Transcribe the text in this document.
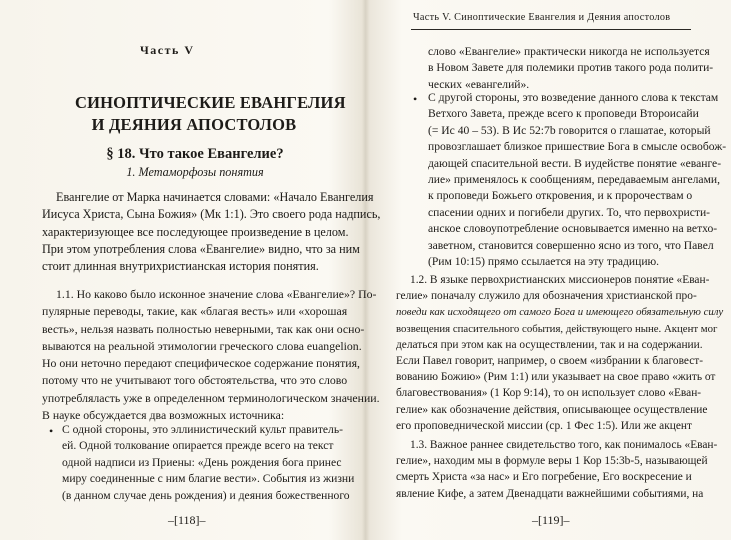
Часть V
СИНОПТИЧЕСКИЕ ЕВАНГЕЛИЯ
И ДЕЯНИЯ АПОСТОЛОВ
§ 18. Что такое Евангелие?
1. Метаморфозы понятия
Евангелие от Марка начинается словами: «Начало Евангелия
Иисуса Христа, Сына Божия» (Мк 1:1). Это своего рода надпись,
характеризующее все последующее произведение в целом.
При этом употребления слова «Евангелие» видно, что за ним
стоит длинная внутрихристианская история понятия.
1.1. Но каково было исконное значение слова «Евангелие»? По-
пулярные переводы, такие, как «благая весть» или «хорошая
весть», нельзя назвать полностью неверными, так как они осно-
вываются на реальной этимологии греческого слова euangelion.
Но они неточно передают специфическое содержание понятия,
потому что не учитывают того обстоятельства, что это слово
употребляласть уже в определенном терминологическом значении.
В науке обсуждается два возможных источника:
• С одной стороны, это эллинистический культ правитель-
ей. Одной толкование опирается прежде всего на текст
одной надписи из Приены: «День рождения бога принес
миру соединенные с ним благие вести». События из жизни
(в данном случае день рождения) и деяния божественного
–[118]–
Часть V. Синоптические Евангелия и Деяния апостолов
слово «Евангелие» практически никогда не используется
в Новом Завете для полемики против такого рода полити-
ческих «евангелий».
• С другой стороны, это возведение данного слова к текстам
Ветхого Завета, прежде всего к проповеди Второисайи
(= Ис 40 – 53). В Ис 52:7b говорится о глашатае, который
провозглашает близкое пришествие Бога в смысле освобож-
дающей спасительной вести. В иудействе понятие «еванге-
лие» применялось к сообщениям, передаваемым ангелами,
к проповеди Божьего откровения, и к пророчествам о
спасении одних и погибели других. То, что первохристи-
анское словоупотребление основывается именно на ветхо-
заветном, становится совершенно ясно из того, что Павел
(Рим 10:15) прямо ссылается на эту традицию.
1.2. В языке первохристианских миссионеров понятие «Еван-
гелие» поначалу служило для обозначения христианской про-
поведи как исходящего от самого Бога и имеющего обязательную силу
возвещения спасительного события, действующего ныне. Акцент мог
делаться при этом как на осуществлении, так и на содержании.
Если Павел говорит, например, о своем «избрании к благовест-
вованию Божию» (Рим 1:1) или указывает на свое право «жить от
благовествования» (1 Кор 9:14), то он использует слово «Еван-
гелие» как обозначение действия, описывающее осуществление
его проповеднической миссии (ср. 1 Фес 1:5). Или же акцент
1.3. Важное раннее свидетельство того, как понималось «Еван-
гелие», находим мы в формуле веры 1 Кор 15:3b-5, называющей
смерть Христа «за нас» и Его погребение, Его воскресение и
явление Кифе, а затем Двенадцати важнейшими событиями, на
–[119]–
